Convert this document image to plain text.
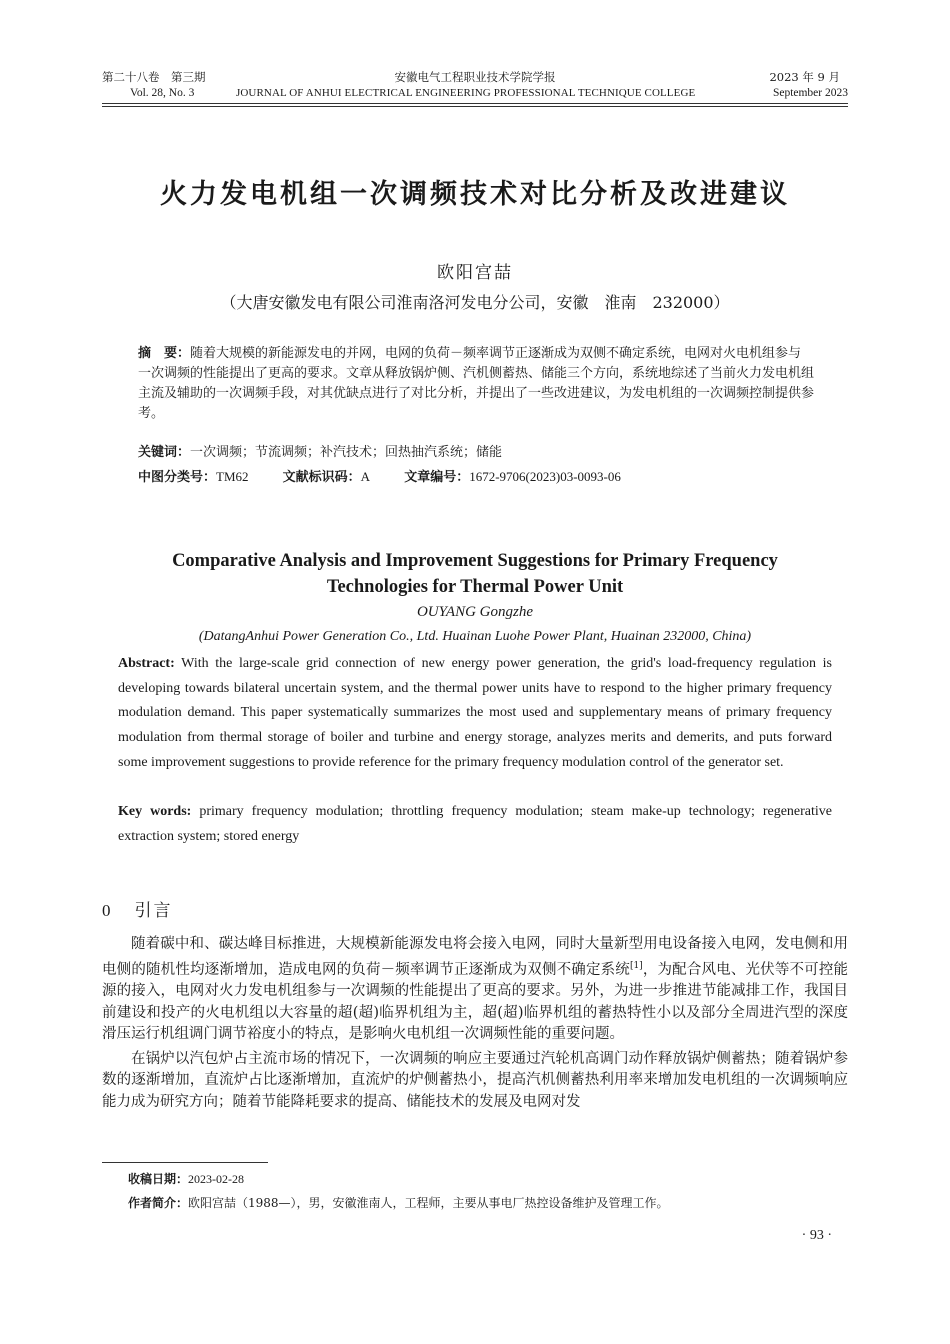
第二十八卷　第三期
Vol. 28, No. 3
安徽电气工程职业技术学院学报
JOURNAL OF ANHUI ELECTRICAL ENGINEERING PROFESSIONAL TECHNIQUE COLLEGE
2023 年 9 月
September 2023
火力发电机组一次调频技术对比分析及改进建议
欧阳宫喆
（大唐安徽发电有限公司淮南洛河发电分公司，安徽　淮南　232000）
摘　要：随着大规模的新能源发电的并网，电网的负荷－频率调节正逐渐成为双侧不确定系统，电网对火电机组参与一次调频的性能提出了更高的要求。文章从释放锅炉侧、汽机侧蓄热、储能三个方向，系统地综述了当前火力发电机组主流及辅助的一次调频手段，对其优缺点进行了对比分析，并提出了一些改进建议，为发电机组的一次调频控制提供参考。
关键词：一次调频；节流调频；补汽技术；回热抽汽系统；储能
中图分类号：TM62	文献标识码：A	文章编号：1672-9706(2023)03-0093-06
Comparative Analysis and Improvement Suggestions for Primary Frequency
Technologies for Thermal Power Unit
OUYANG Gongzhe
(DatangAnhui Power Generation Co., Ltd. Huainan Luohe Power Plant, Huainan 232000, China)
Abstract: With the large-scale grid connection of new energy power generation, the grid's load-frequency regulation is developing towards bilateral uncertain system, and the thermal power units have to respond to the higher primary frequency modulation demand. This paper systematically summarizes the most used and supplementary means of primary frequency modulation from thermal storage of boiler and turbine and energy storage, analyzes merits and demerits, and puts forward some improvement suggestions to provide reference for the primary frequency modulation control of the generator set.
Key words: primary frequency modulation; throttling frequency modulation; steam make-up technology; regenerative extraction system; stored energy
0 引言

随着碳中和、碳达峰目标推进，大规模新能源发电将会接入电网，同时大量新型用电设备接入电网，发电侧和用电侧的随机性均逐渐增加，造成电网的负荷－频率调节正逐渐成为双侧不确定系统[1]，为配合风电、光伏等不可控能源的接入，电网对火力发电机组参与一次调频的性能提出了更高的要求。另外，为进一步推进节能减排工作，我国目前建设和投产的火电机组以大容量的超(超)临界机组为主，超(超)临界机组的蓄热特性小以及部分全周进汽型的深度滑压运行机组调门调节裕度小的特点，是影响火电机组一次调频性能的重要问题。

在锅炉以汽包炉占主流市场的情况下，一次调频的响应主要通过汽轮机高调门动作释放锅炉侧蓄热；随着锅炉参数的逐渐增加，直流炉占比逐渐增加，直流炉的炉侧蓄热小，提高汽机侧蓄热利用率来增加发电机组的一次调频响应能力成为研究方向；随着节能降耗要求的提高、储能技术的发展及电网对发

收稿日期：2023-02-28
作者简介：欧阳宫喆（1988—），男，安徽淮南人，工程师，主要从事电厂热控设备维护及管理工作。
· 93 ·
